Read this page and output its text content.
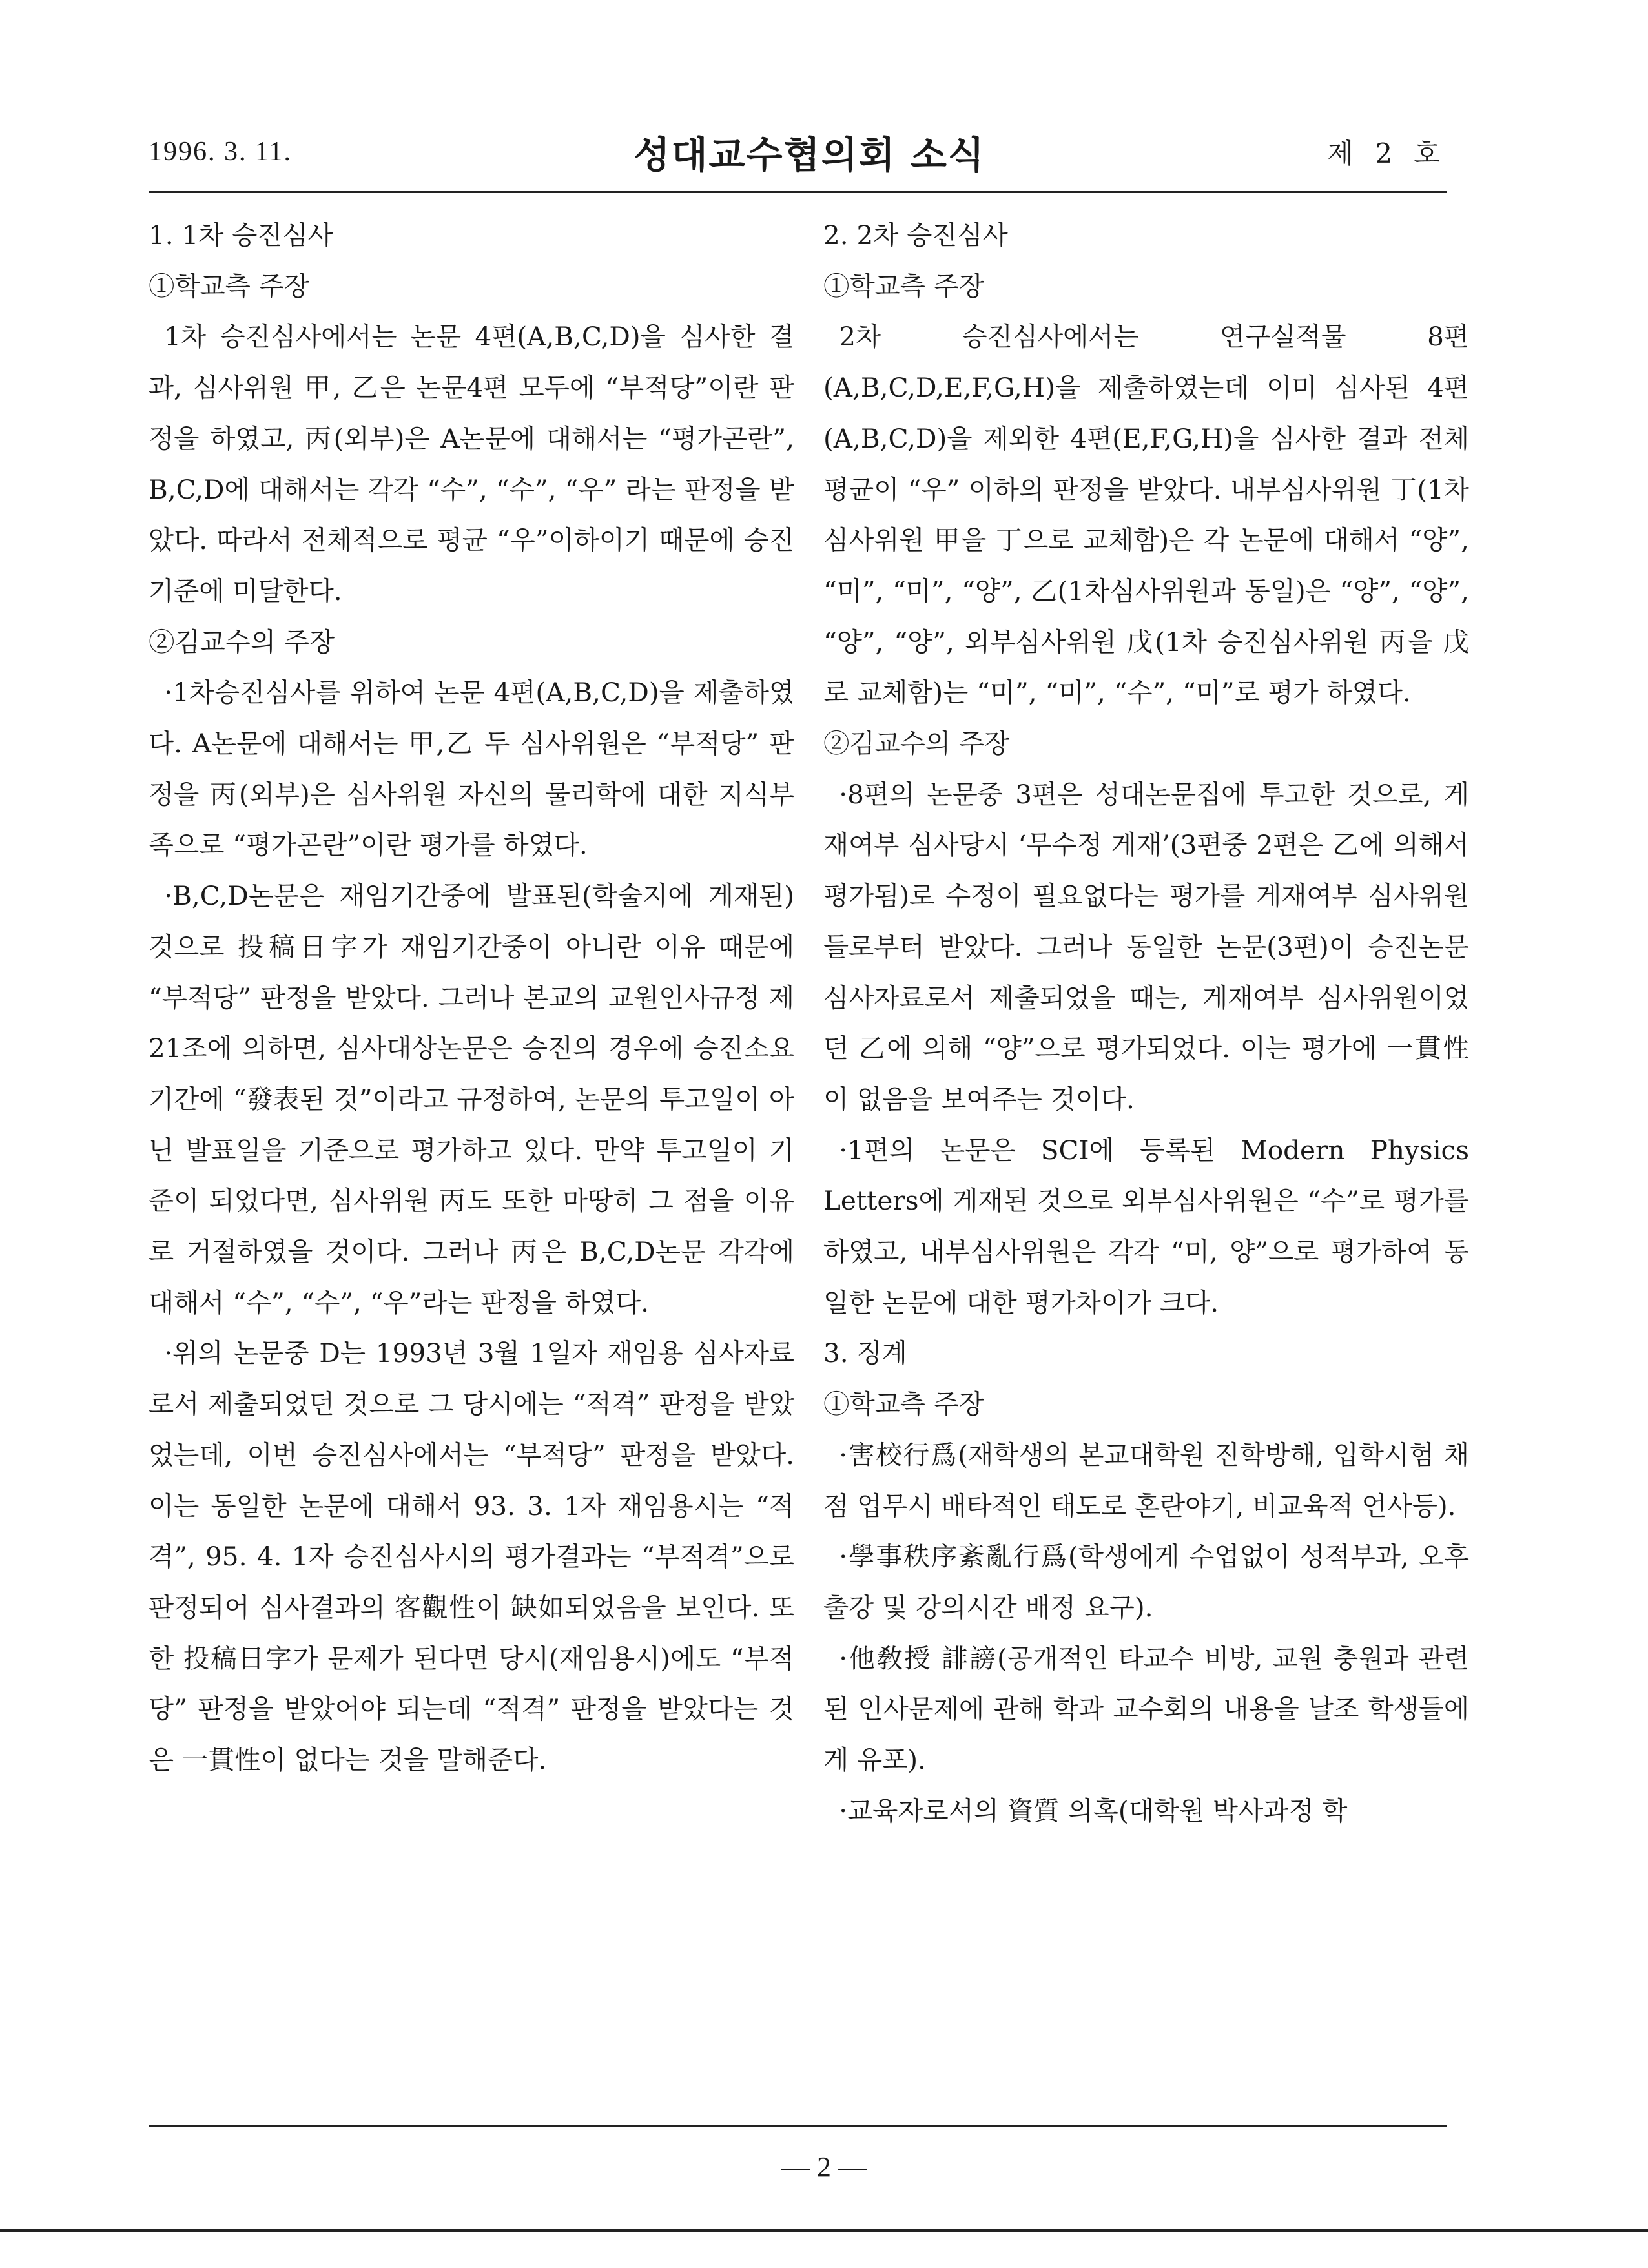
1996. 3. 11.	성대교수협의회 소식	제 2 호

1. 1차 승진심사

①학교측 주장

1차 승진심사에서는 논문 4편(A,B,C,D)을 심사한 결과, 심사위원 甲, 乙은 논문4편 모두에 “부적당”이란 판정을 하였고, 丙(외부)은 A논문에 대해서는 “평가곤란”, B,C,D에 대해서는 각각 “수”, “수”, “우” 라는 판정을 받았다. 따라서 전체적으로 평균 “우”이하이기 때문에 승진기준에 미달한다.

②김교수의 주장

·1차승진심사를 위하여 논문 4편(A,B,C,D)을 제출하였다. A논문에 대해서는 甲,乙 두 심사위원은 “부적당” 판정을 丙(외부)은 심사위원 자신의 물리학에 대한 지식부족으로 “평가곤란”이란 평가를 하였다.

·B,C,D논문은 재임기간중에 발표된(학술지에 게재된) 것으로 投稿日字가 재임기간중이 아니란 이유 때문에 “부적당” 판정을 받았다. 그러나 본교의 교원인사규정 제21조에 의하면, 심사대상논문은 승진의 경우에 승진소요기간에 “發表된 것”이라고 규정하여, 논문의 투고일이 아닌 발표일을 기준으로 평가하고 있다. 만약 투고일이 기준이 되었다면, 심사위원 丙도 또한 마땅히 그 점을 이유로 거절하였을 것이다. 그러나 丙은 B,C,D논문 각각에 대해서 “수”, “수”, “우”라는 판정을 하였다.

·위의 논문중 D는 1993년 3월 1일자 재임용 심사자료로서 제출되었던 것으로 그 당시에는 “적격” 판정을 받았었는데, 이번 승진심사에서는 “부적당” 판정을 받았다. 이는 동일한 논문에 대해서 93. 3. 1자 재임용시는 “적격”, 95. 4. 1자 승진심사시의 평가결과는 “부적격”으로 판정되어 심사결과의 客觀性이 缺如되었음을 보인다. 또한 投稿日字가 문제가 된다면 당시(재임용시)에도 “부적당” 판정을 받았어야 되는데 “적격” 판정을 받았다는 것은 一貫性이 없다는 것을 말해준다.

2. 2차 승진심사

①학교측 주장

2차 승진심사에서는 연구실적물 8편(A,B,C,D,E,F,G,H)을 제출하였는데 이미 심사된 4편(A,B,C,D)을 제외한 4편(E,F,G,H)을 심사한 결과 전체 평균이 “우” 이하의 판정을 받았다. 내부심사위원 丁(1차 심사위원 甲을 丁으로 교체함)은 각 논문에 대해서 “양”, “미”, “미”, “양”, 乙(1차심사위원과 동일)은 “양”, “양”, “양”, “양”, 외부심사위원 戊(1차 승진심사위원 丙을 戊로 교체함)는 “미”, “미”, “수”, “미”로 평가 하였다.

②김교수의 주장

·8편의 논문중 3편은 성대논문집에 투고한 것으로, 게재여부 심사당시 ‘무수정 게재’(3편중 2편은 乙에 의해서 평가됨)로 수정이 필요없다는 평가를 게재여부 심사위원들로부터 받았다. 그러나 동일한 논문(3편)이 승진논문 심사자료로서 제출되었을 때는, 게재여부 심사위원이었던 乙에 의해 “양”으로 평가되었다. 이는 평가에 一貫性이 없음을 보여주는 것이다.

·1편의 논문은 SCI에 등록된 Modern Physics Letters에 게재된 것으로 외부심사위원은 “수”로 평가를 하였고, 내부심사위원은 각각 “미, 양”으로 평가하여 동일한 논문에 대한 평가차이가 크다.

3. 징계

①학교측 주장

·害校行爲(재학생의 본교대학원 진학방해, 입학시험 채점 업무시 배타적인 태도로 혼란야기, 비교육적 언사등).

·學事秩序紊亂行爲(학생에게 수업없이 성적부과, 오후 출강 및 강의시간 배정 요구).

·他敎授 誹謗(공개적인 타교수 비방, 교원 충원과 관련된 인사문제에 관해 학과 교수회의 내용을 날조 학생들에게 유포).

·교육자로서의 資質 의혹(대학원 박사과정 학

— 2 —
